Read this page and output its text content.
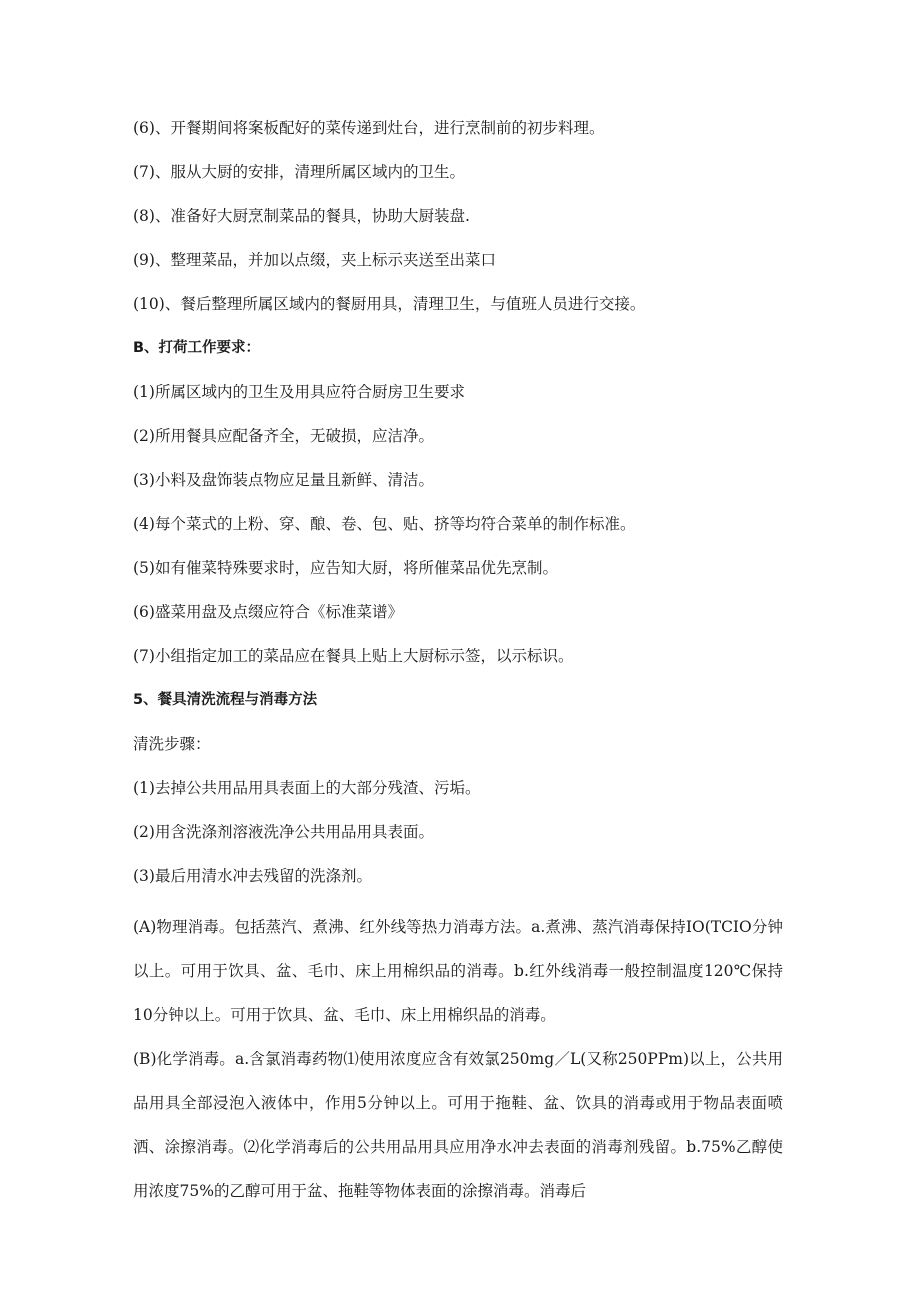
(6)、开餐期间将案板配好的菜传递到灶台，进行烹制前的初步料理。

(7)、服从大厨的安排，清理所属区域内的卫生。

(8)、准备好大厨烹制菜品的餐具，协助大厨装盘.

(9)、整理菜品，并加以点缀，夹上标示夹送至出菜口

(10)、餐后整理所属区域内的餐厨用具，清理卫生，与值班人员进行交接。

B、打荷工作要求：

(1)所属区域内的卫生及用具应符合厨房卫生要求

(2)所用餐具应配备齐全，无破损，应洁净。

(3)小料及盘饰装点物应足量且新鲜、清洁。

(4)每个菜式的上粉、穿、酿、卷、包、贴、挤等均符合菜单的制作标准。

(5)如有催菜特殊要求时，应告知大厨，将所催菜品优先烹制。

(6)盛菜用盘及点缀应符合《标准菜谱》

(7)小组指定加工的菜品应在餐具上贴上大厨标示签，以示标识。

5、餐具清洗流程与消毒方法

清洗步骤：

(1)去掉公共用品用具表面上的大部分残渣、污垢。

(2)用含洗涤剂溶液洗净公共用品用具表面。

(3)最后用清水冲去残留的洗涤剂。

(A)物理消毒。包括蒸汽、煮沸、红外线等热力消毒方法。a.煮沸、蒸汽消毒保持IO(TCIO分钟以上。可用于饮具、盆、毛巾、床上用棉织品的消毒。b.红外线消毒一般控制温度120℃保持10分钟以上。可用于饮具、盆、毛巾、床上用棉织品的消毒。

(B)化学消毒。a.含氯消毒药物⑴使用浓度应含有效氯250mg／L(又称250PPm)以上，公共用品用具全部浸泡入液体中，作用5分钟以上。可用于拖鞋、盆、饮具的消毒或用于物品表面喷洒、涂擦消毒。⑵化学消毒后的公共用品用具应用净水冲去表面的消毒剂残留。b.75%乙醇使用浓度75%的乙醇可用于盆、拖鞋等物体表面的涂擦消毒。消毒后
